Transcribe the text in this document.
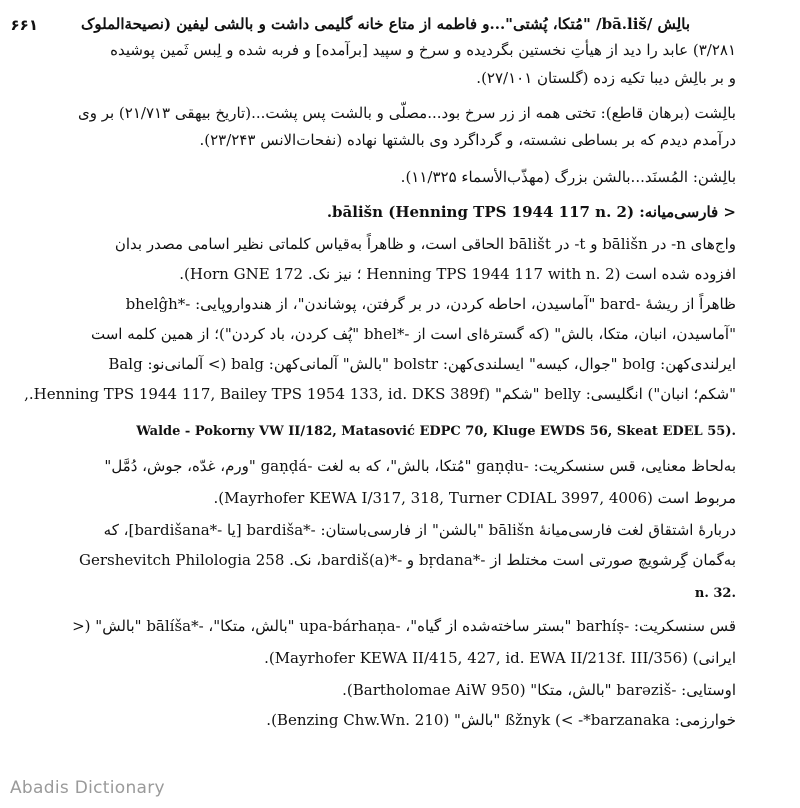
۶۶۱	بالِش /bā.liš/ "مُتکا، پُشتی"...و فاطمه از متاع خانه گلیمی داشت و بالشی لیفین (نصیحة‌الملوک
۳/۲۸۱) عابد را دید از هیأتِ نخستین بگردیده و سرخ و سپید [برآمده] و فربه شده و لِبس ثَمین پوشیده
و بر بالِش دیبا تکیه زده (گلستان ۲۷/۱۰۱).
بالِشت (برهان قاطع): تختی همه از زر سرخ بود...مصلّی و بالشت پس پشت...(تاریخ بیهقی ۲۱/۷۱۳) بر وی
درآمدم دیدم که بر بساطی نشسته، و گرداگرد وی بالشتها نهاده (نفحات‌الانس ۲۳/۲۴۳).
بالِشن: المُسنَد...بالشن بزرگ (مهذّب‌الأسماء ۱۱/۳۲۵).
< فارسی‌میانه: bālišn (Henning TPS 1944 117 n. 2).
واج‌های n- در bālišn و t- در bālišt الحاقی است، و ظاهراً به‌قیاس کلماتی نظیر اسامی مصدر بدان
افزوده شده است (Henning TPS 1944 117 with n. 2 ؛ نیز نک. Horn GNE 172).
ظاهراً از ریشهٔ -bard "آماسیدن، احاطه کردن، در بر گرفتن، پوشاندن"، از هندواروپایی: -*bhelĝh
"آماسیدن، انبان، متکا، بالش" (که گسترهٔ‌ای است از -*bhel "پُف کردن، باد کردن")؛ از همین کلمه است
ایرلندی‌کهن: bolg "جوال، کیسه" ایسلندی‌کهن: bolstr "بالش" آلمانی‌کهن: balg (> آلمانی‌نو: Balg
"شکم؛ انبان") انگلیسی: belly "شکم" (Henning TPS 1944 117, Bailey TPS 1954 133, id. DKS 389f.,
Walde - Pokorny VW II/182, Matasović EDPC 70, Kluge EWDS 56, Skeat EDEL 55).
به‌لحاظ معنایی، قس سنسکریت: -gaṇḍu "مُتکا، بالش"، که به لغت -gaṇḍá "ورم، غدّه، جوش، دُمَّل"
مربوط است (Mayrhofer KEWA I/317, 318, Turner CDIAL 3997, 4006).
دربارهٔ اشتقاق لغت فارسی‌میانهٔ bālišn "بالشن" از فارسی‌باستان: -*bardiša [یا -*bardišana]، که
به‌گمان گِرشویچ صورتی است مختلط از -*bṛdana و -*bardiš(a)، نک. Gershevitch Philologia 258
n. 32.
قس سنسکریت: -barhíṣ "بستر ساخته‌شده از گیاه"، -upa-bárhaṇa "بالش، متکا"، -*bālíša "بالش" (<
ایرانی) (Mayrhofer KEWA II/415, 427, id. EWA II/213f. III/356).
اوستایی: -barəziš "بالش، متکا" (Bartholomae AiW 950).
خوارزمی: ßžnyk (< -*barzanaka "بالش" (Benzing Chw.Wn. 210).
Abadis Dictionary
